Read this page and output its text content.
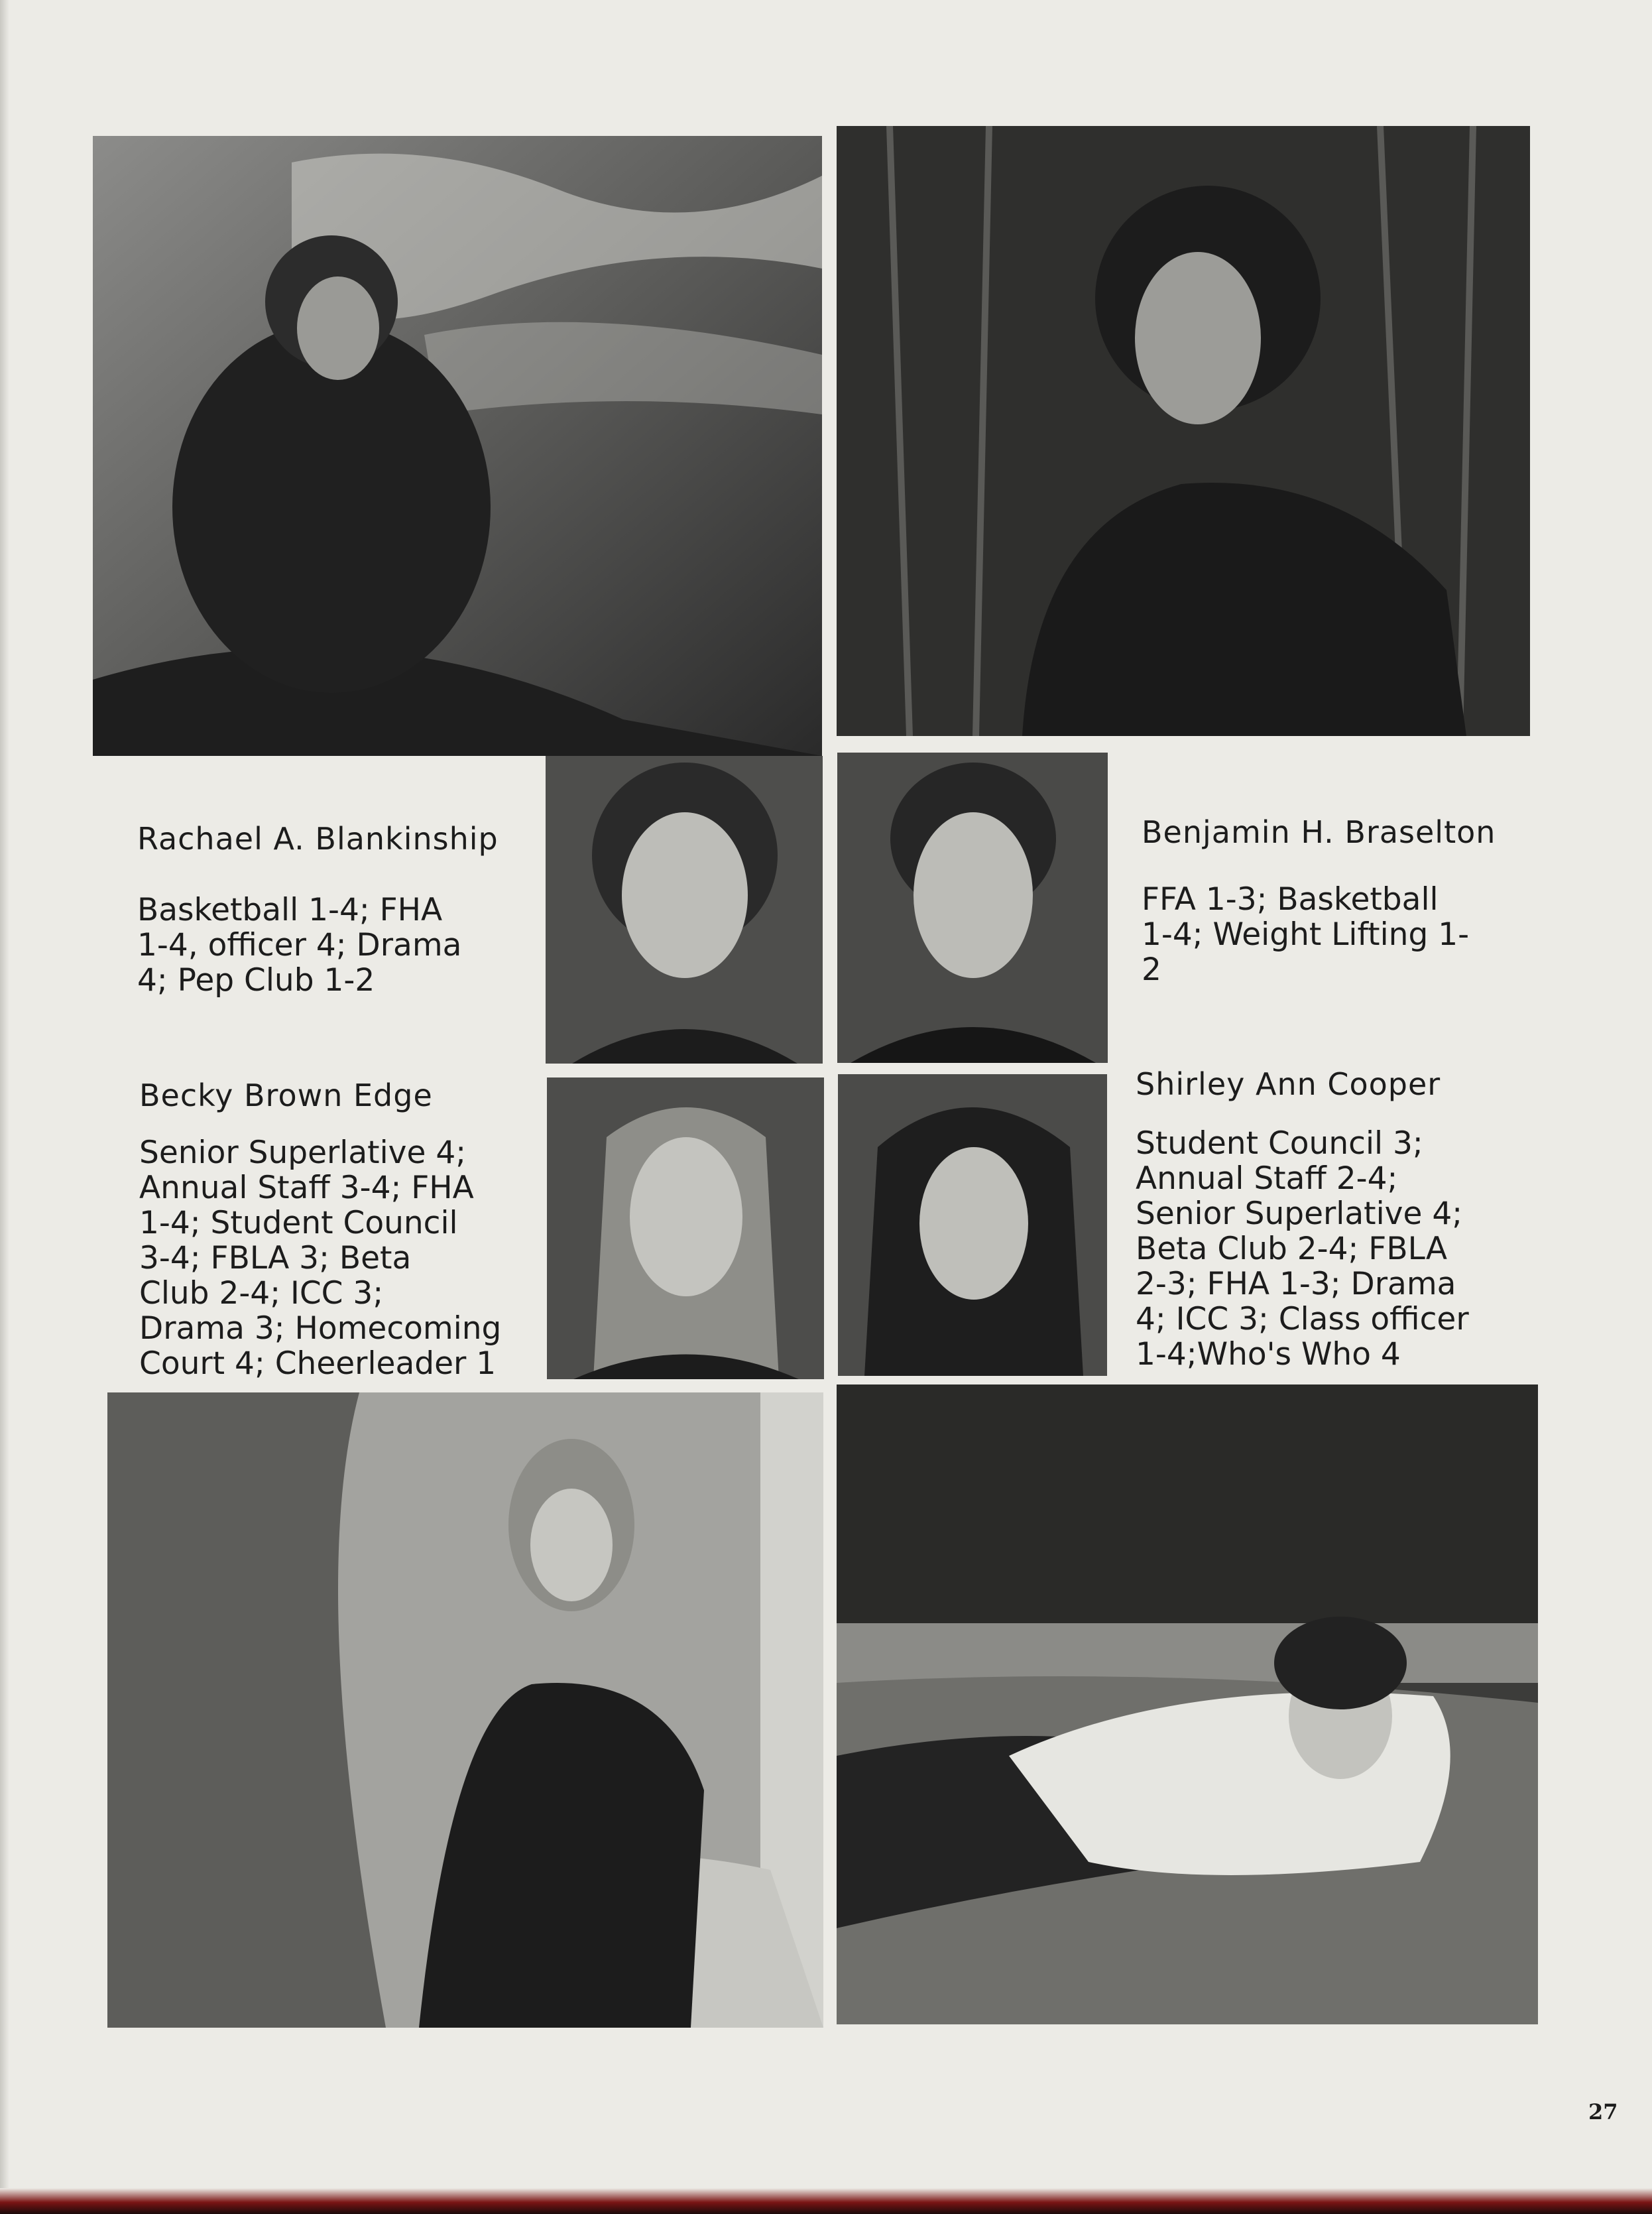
Rachael A. Blankinship
Basketball 1-4; FHA
1-4, officer 4; Drama
4; Pep Club 1-2
Benjamin H. Braselton
FFA 1-3; Basketball
1-4; Weight Lifting 1-
2
Becky Brown Edge
Senior Superlative 4;
Annual Staff 3-4; FHA
1-4; Student Council
3-4; FBLA 3; Beta
Club 2-4; ICC 3;
Drama 3; Homecoming
Court 4; Cheerleader 1
Shirley Ann Cooper
Student Council 3;
Annual Staff 2-4;
Senior Superlative 4;
Beta Club 2-4; FBLA
2-3; FHA 1-3; Drama
4; ICC 3; Class officer
1-4;Who's Who 4
27
